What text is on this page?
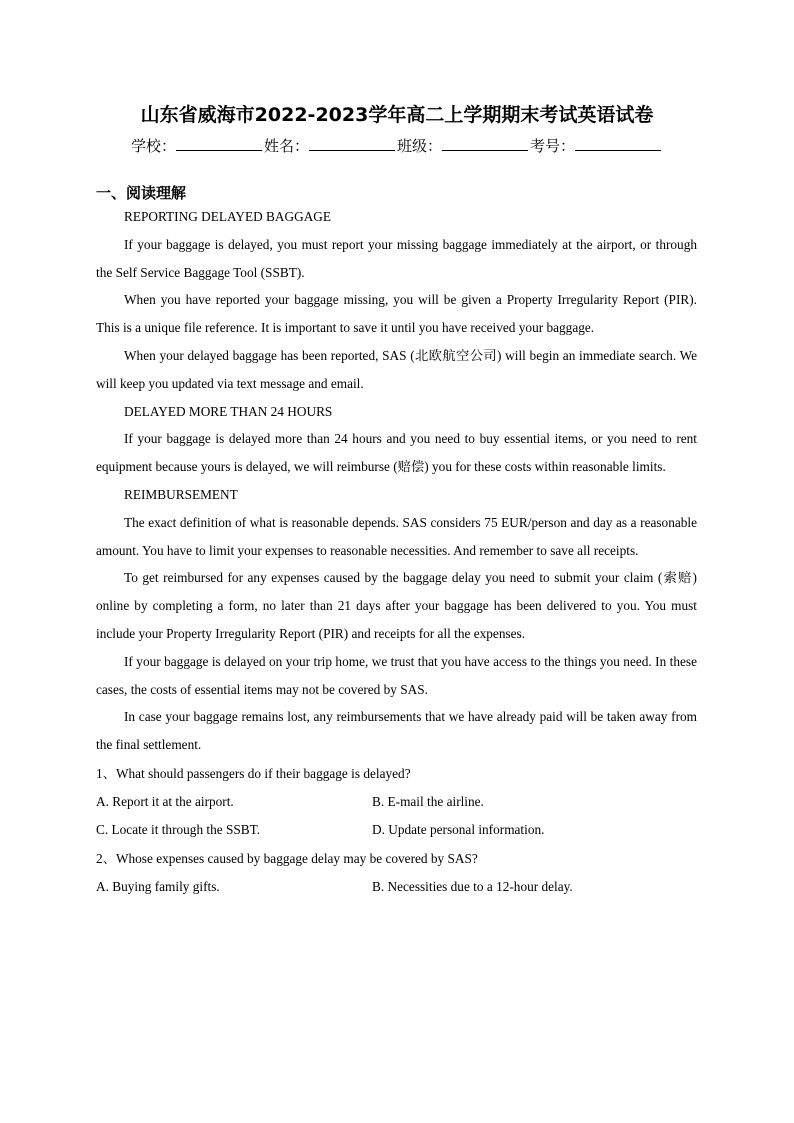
山东省威海市2022-2023学年高二上学期期末考试英语试卷
学校：	姓名：	班级：	考号：
一、阅读理解

REPORTING DELAYED BAGGAGE

If your baggage is delayed, you must report your missing baggage immediately at the airport, or through the Self Service Baggage Tool (SSBT).

When you have reported your baggage missing, you will be given a Property Irregularity Report (PIR). This is a unique file reference. It is important to save it until you have received your baggage.

When your delayed baggage has been reported, SAS (北欧航空公司) will begin an immediate search. We will keep you updated via text message and email.

DELAYED MORE THAN 24 HOURS

If your baggage is delayed more than 24 hours and you need to buy essential items, or you need to rent equipment because yours is delayed, we will reimburse (赔偿) you for these costs within reasonable limits.

REIMBURSEMENT

The exact definition of what is reasonable depends. SAS considers 75 EUR/person and day as a reasonable amount. You have to limit your expenses to reasonable necessities. And remember to save all receipts.

To get reimbursed for any expenses caused by the baggage delay you need to submit your claim (索赔) online by completing a form, no later than 21 days after your baggage has been delivered to you. You must include your Property Irregularity Report (PIR) and receipts for all the expenses.

If your baggage is delayed on your trip home, we trust that you have access to the things you need. In these cases, the costs of essential items may not be covered by SAS.

In case your baggage remains lost, any reimbursements that we have already paid will be taken away from the final settlement.

1、What should passengers do if their baggage is delayed?
A. Report it at the airport.	B. E-mail the airline.
C. Locate it through the SSBT.	D. Update personal information.
2、Whose expenses caused by baggage delay may be covered by SAS?
A. Buying family gifts.	B. Necessities due to a 12-hour delay.
